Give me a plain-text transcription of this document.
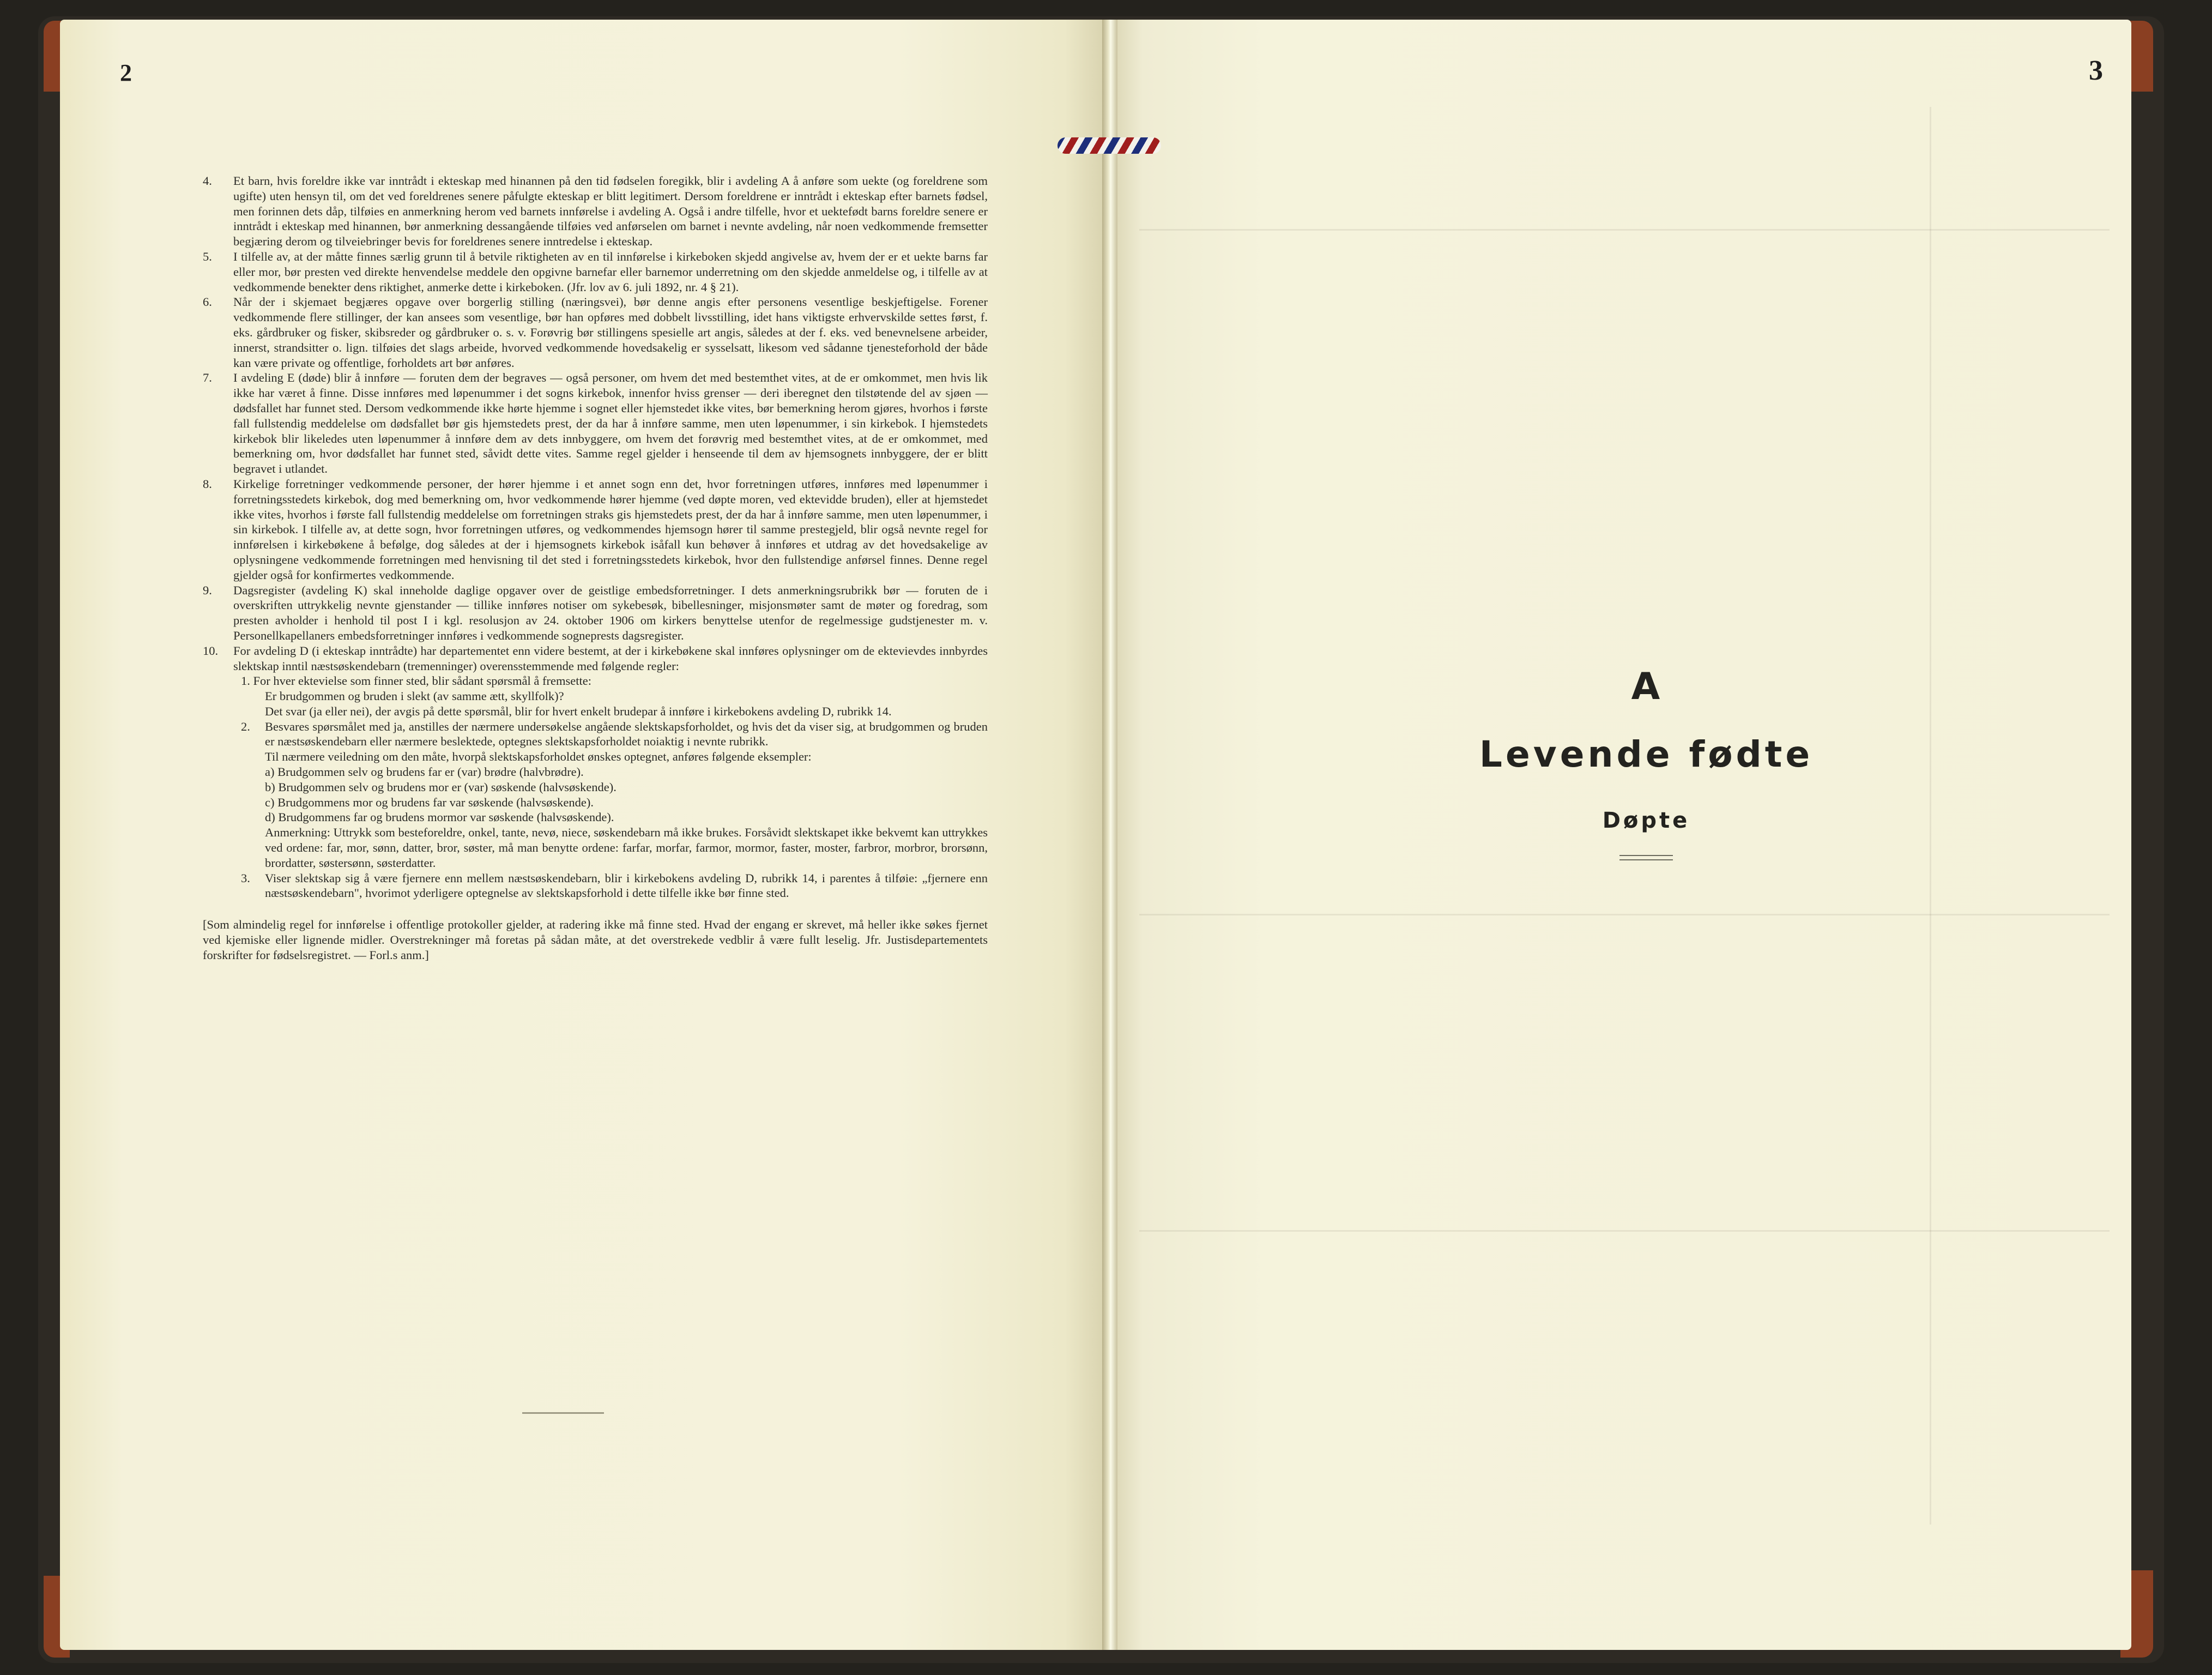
2	3
4.	Et barn, hvis foreldre ikke var inntrådt i ekteskap med hinannen på den tid fødselen foregikk, blir i avdeling A å anføre som uekte (og foreldrene som ugifte) uten hensyn til, om det ved foreldrenes senere påfulgte ekteskap er blitt legitimert. Dersom foreldrene er inntrådt i ekteskap efter barnets fødsel, men forinnen dets dåp, tilføies en anmerkning herom ved barnets innførelse i avdeling A. Også i andre tilfelle, hvor et uektefødt barns foreldre senere er inntrådt i ekteskap med hinannen, bør anmerkning dessangående tilføies ved anførselen om barnet i nevnte avdeling, når noen vedkommende fremsetter begjæring derom og tilveiebringer bevis for foreldrenes senere inntredelse i ekteskap.
5.	I tilfelle av, at der måtte finnes særlig grunn til å betvile riktigheten av en til innførelse i kirkeboken skjedd angivelse av, hvem der er et uekte barns far eller mor, bør presten ved direkte henvendelse meddele den opgivne barnefar eller barnemor underretning om den skjedde anmeldelse og, i tilfelle av at vedkommende benekter dens riktighet, anmerke dette i kirkeboken. (Jfr. lov av 6. juli 1892, nr. 4 § 21).
6.	Når der i skjemaet begjæres opgave over borgerlig stilling (næringsvei), bør denne angis efter personens vesentlige beskjeftigelse. Forener vedkommende flere stillinger, der kan ansees som vesentlige, bør han opføres med dobbelt livsstilling, idet hans viktigste erhvervskilde settes først, f. eks. gårdbruker og fisker, skibsreder og gårdbruker o. s. v. Forøvrig bør stillingens spesielle art angis, således at der f. eks. ved benevnelsene arbeider, innerst, strandsitter o. lign. tilføies det slags arbeide, hvorved vedkommende hovedsakelig er sysselsatt, likesom ved sådanne tjenesteforhold der både kan være private og offentlige, forholdets art bør anføres.
7.	I avdeling E (døde) blir å innføre — foruten dem der begraves — også personer, om hvem det med bestemthet vites, at de er omkommet, men hvis lik ikke har været å finne. Disse innføres med løpenummer i det sogns kirkebok, innenfor hviss grenser — deri iberegnet den tilstøtende del av sjøen — dødsfallet har funnet sted. Dersom vedkommende ikke hørte hjemme i sognet eller hjemstedet ikke vites, bør bemerkning herom gjøres, hvorhos i første fall fullstendig meddelelse om dødsfallet bør gis hjemstedets prest, der da har å innføre samme, men uten løpenummer, i sin kirkebok. I hjemstedets kirkebok blir likeledes uten løpenummer å innføre dem av dets innbyggere, om hvem det forøvrig med bestemthet vites, at de er omkommet, med bemerkning om, hvor dødsfallet har funnet sted, såvidt dette vites. Samme regel gjelder i henseende til dem av hjemsognets innbyggere, der er blitt begravet i utlandet.
8.	Kirkelige forretninger vedkommende personer, der hører hjemme i et annet sogn enn det, hvor forretningen utføres, innføres med løpenummer i forretningsstedets kirkebok, dog med bemerkning om, hvor vedkommende hører hjemme (ved døpte moren, ved ektevidde bruden), eller at hjemstedet ikke vites, hvorhos i første fall fullstendig meddelelse om forretningen straks gis hjemstedets prest, der da har å innføre samme, men uten løpenummer, i sin kirkebok. I tilfelle av, at dette sogn, hvor forretningen utføres, og vedkommendes hjemsogn hører til samme prestegjeld, blir også nevnte regel for innførelsen i kirkebøkene å befølge, dog således at der i hjemsognets kirkebok isåfall kun behøver å innføres et utdrag av det hovedsakelige av oplysningene vedkommende forretningen med henvisning til det sted i forretningsstedets kirkebok, hvor den fullstendige anførsel finnes. Denne regel gjelder også for konfirmertes vedkommende.
9.	Dagsregister (avdeling K) skal inneholde daglige opgaver over de geistlige embedsforretninger. I dets anmerkningsrubrikk bør — foruten de i overskriften uttrykkelig nevnte gjenstander — tillike innføres notiser om sykebesøk, bibellesninger, misjonsmøter samt de møter og foredrag, som presten avholder i henhold til post I i kgl. resolusjon av 24. oktober 1906 om kirkers benyttelse utenfor de regelmessige gudstjenester m. v. Personellkapellaners embedsforretninger innføres i vedkommende sogneprests dagsregister.
10.	For avdeling D (i ekteskap inntrådte) har departementet enn videre bestemt, at der i kirkebøkene skal innføres oplysninger om de ektevievdes innbyrdes slektskap inntil næstsøskendebarn (tremenninger) overensstemmende med følgende regler:
1. For hver ektevielse som finner sted, blir sådant spørsmål å fremsette:
Er brudgommen og bruden i slekt (av samme ætt, skyllfolk)?
Det svar (ja eller nei), der avgis på dette spørsmål, blir for hvert enkelt brudepar å innføre i kirkebokens avdeling D, rubrikk 14.
2.	Besvares spørsmålet med ja, anstilles der nærmere undersøkelse angående slektskapsforholdet, og hvis det da viser sig, at brudgommen og bruden er næstsøskendebarn eller nærmere beslektede, optegnes slektskapsforholdet noiaktig i nevnte rubrikk.
Til nærmere veiledning om den måte, hvorpå slektskapsforholdet ønskes optegnet, anføres følgende eksempler:
a) Brudgommen selv og brudens far er (var) brødre (halvbrødre).
b) Brudgommen selv og brudens mor er (var) søskende (halvsøskende).
c) Brudgommens mor og brudens far var søskende (halvsøskende).
d) Brudgommens far og brudens mormor var søskende (halvsøskende).
Anmerkning: Uttrykk som besteforeldre, onkel, tante, nevø, niece, søskendebarn må ikke brukes. Forsåvidt slektskapet ikke bekvemt kan uttrykkes ved ordene: far, mor, sønn, datter, bror, søster, må man benytte ordene: farfar, morfar, farmor, mormor, faster, moster, farbror, morbror, brorsønn, brordatter, søstersønn, søsterdatter.
3.	Viser slektskap sig å være fjernere enn mellem næstsøskendebarn, blir i kirkebokens avdeling D, rubrikk 14, i parentes å tilføie: „fjernere enn næstsøskendebarn", hvorimot yderligere optegnelse av slektskapsforhold i dette tilfelle ikke bør finne sted.
[Som almindelig regel for innførelse i offentlige protokoller gjelder, at radering ikke må finne sted. Hvad der engang er skrevet, må heller ikke søkes fjernet ved kjemiske eller lignende midler. Overstrekninger må foretas på sådan måte, at det overstrekede vedblir å være fullt leselig. Jfr. Justisdepartementets forskrifter for fødselsregistret. — Forl.s anm.]
A
Levende fødte
Døpte
